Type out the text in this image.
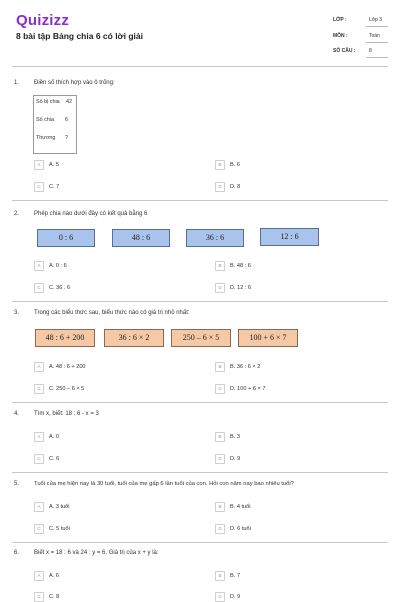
Quizizz
8 bài tập Bảng chia 6 có lời giải
LỚP :	Lớp 3
MÔN :	Toán
SỐ CÂU :	8
1. Điền số thích hợp vào ô trống:
Số bị chia 42
Số chia 6
Thương ?
A A. 5	B B. 6
C C. 7	D D. 8
2. Phép chia nào dưới đây có kết quả bằng 6
0 : 6	48 : 6	36 : 6	12 : 6
A A. 0 : 6	B B. 48 : 6
C C. 36 . 6	D D. 12 : 6
3. Trong các biểu thức sau, biểu thức nào có giá trị nhỏ nhất:
48 : 6 + 200	36 : 6 × 2	250 – 6 × 5	100 + 6 × 7
A A. 48 : 6 + 200	B B. 36 : 6 × 2
C C. 250 – 6 × 5	D D. 100 + 6 × 7
4. Tìm x, biết: 18 : 6 - x = 3
A A. 0	B B. 3
C C. 6	D D. 9
5.	Tuổi của mẹ hiện nay là 30 tuổi, tuổi của mẹ gấp 6 lần tuổi của con. Hỏi con năm nay bao nhiêu tuổi?
A A. 3 tuổi	B B. 4 tuổi
C C. 5 tuổi	D D. 6 tuổi
6. Biết x = 18 : 6 và 24 : y = 6. Giá trị của x + y là:
A A. 6	B B. 7
C C. 8	D D. 9
